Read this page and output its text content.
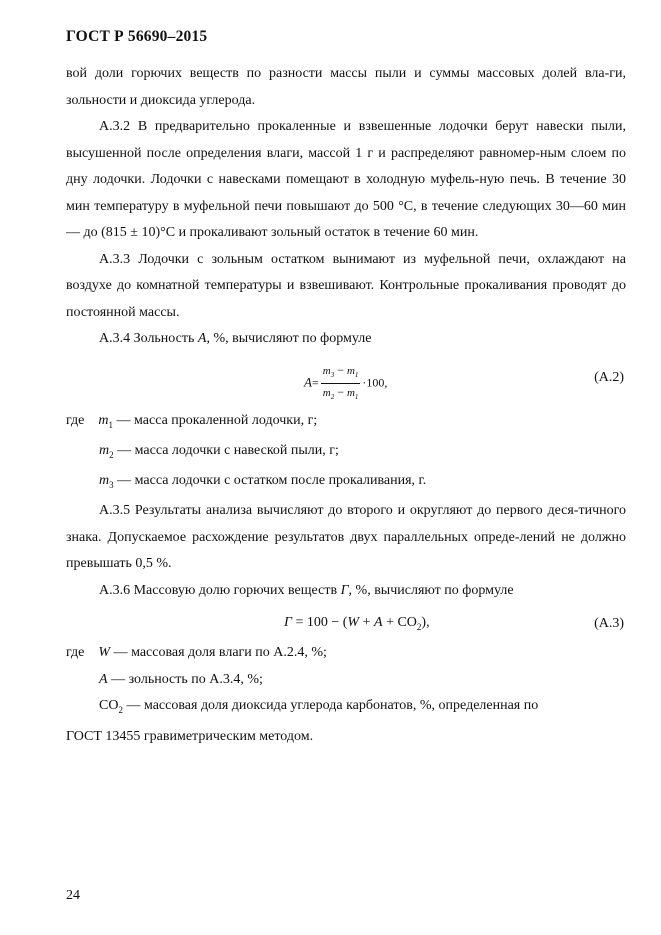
ГОСТ Р 56690–2015

вой доли горючих веществ по разности массы пыли и суммы массовых долей вла-ги, зольности и диоксида углерода.

А.3.2 В предварительно прокаленные и взвешенные лодочки берут навески пыли, высушенной после определения влаги, массой 1 г и распределяют равномер-ным слоем по дну лодочки. Лодочки с навесками помещают в холодную муфель-ную печь. В течение 30 мин температуру в муфельной печи повышают до 500 °С, в течение следующих 30—60 мин — до (815 ± 10)°С и прокаливают зольный остаток в течение 60 мин.

А.3.3 Лодочки с зольным остатком вынимают из муфельной печи, охлаждают на воздухе до комнатной температуры и взвешивают. Контрольные прокаливания проводят до постоянной массы.

А.3.4 Зольность А, %, вычисляют по формуле

$A= \frac{m_3 - m_1}{m_2 - m_1} \cdot 100$,	(А.2)

где $m_1$ — масса прокаленной лодочки, г;

$m_2$ — масса лодочки с навеской пыли, г;

$m_3$ — масса лодочки с остатком после прокаливания, г.

А.3.5 Результаты анализа вычисляют до второго и округляют до первого деся-тичного знака. Допускаемое расхождение результатов двух параллельных опреде-лений не должно превышать 0,5 %.

А.3.6 Массовую долю горючих веществ Г, %, вычисляют по формуле

$Г = 100 - (W + A + СО_2)$,	(А.3)

где W — массовая доля влаги по А.2.4, %;

А — зольность по А.3.4, %;

$СО_2$ — массовая доля диоксида углерода карбонатов, %, определенная по

ГОСТ 13455 гравиметрическим методом.

24
